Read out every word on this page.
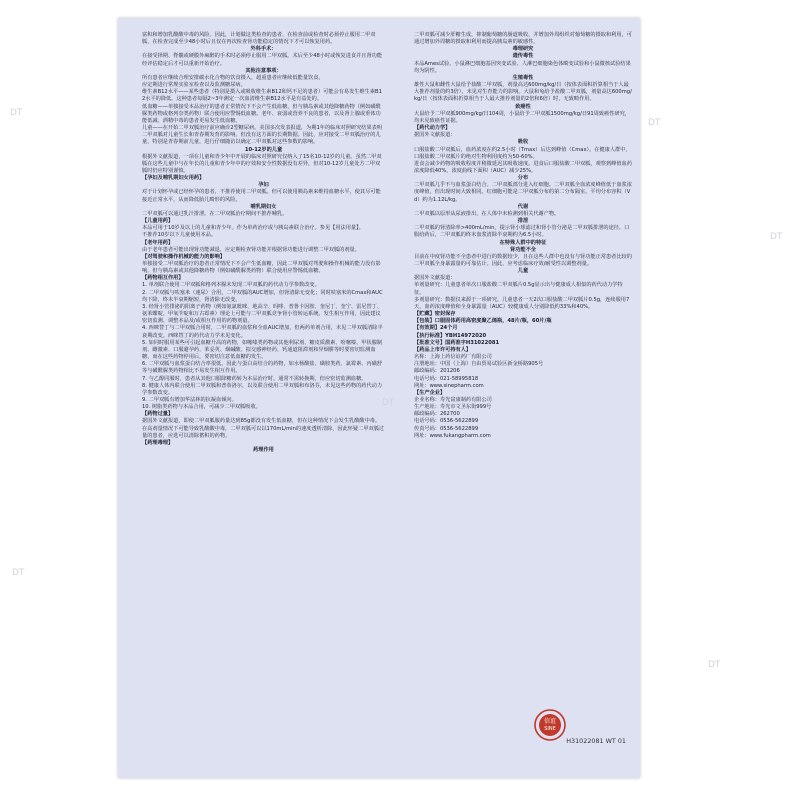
富积和增加乳酸酸中毒的风险。因此，计划做这类检查的患者，在检查前或检查时必须停止服用二甲双胍，在检查完成至少48小时后且仅在再次检查肾功能稳定的情况下才可以恢复用药。

外科手术：

在接受择期、脊髓或硬膜外麻醉的手术时必须停止服用二甲双胍。术后至少48小时或恢复进食并且肾功能经评估稳定后才可以重新开始治疗。

其他注意事项：

所有患者应继续合理安排碳水化合物的饮食摄入，超重患者应继续低能量饮食。

应定期进行常规实验室检查以及监测糖尿病。

维生素B12水平——某些患者（特别是摄入或吸收维生素B12和钙不足的患者）可能会有易发生维生素B12水平的降低。这种患者每隔2~3年测定一次血清维生素B12水平是有益处的。

低血糖——单独接受本品治疗的患者正常情况下不会产生低血糖，但与胰岛素或其他降糖药物（例如磺酰脲类药物或格列奈类药物）联合使用应警惕低血糖。老年、衰弱或营养不良的患者，以及肾上腺或垂体功能低减、酒精中毒的患者更易发生低血糖。

儿童——在开始二甲双胍治疗前应确诊2型糖尿病。美国多次发表报道，为期1年的临床对照研究结果表明二甲双胍对儿童生长和青春期发育的影响，但没有这方面的长期数据。因此，应对接受二甲双胍治疗的儿童，特别是青春期前儿童，进行仔细随访以确定二甲双胍对这些参数的影响。

10-12岁的儿童

根据外文献报道，一项在儿童和青少年中开展的临床对照研究仅纳入了15名10-12岁的儿童。虽然二甲双胍在这些儿童中与在年长的儿童和青少年中的疗效和安全性数据没有差异，但对10-12岁儿童处方二甲双胍时仍应特别谨慎。

【孕妇及哺乳期妇女用药】

孕妇

对于计划怀孕或已经怀孕的患者，不推荐使用二甲双胍。但可以使用胰岛素来维持血糖水平，使其尽可能接近正常水平，从而降低胎儿畸形的风险。

哺乳期妇女

二甲双胍可以通过乳汁排泄。在二甲双胍治疗期间不推荐哺乳。

【儿童用药】

本品可用于10岁及以上的儿童和青少年。作为单药治疗或与胰岛素联合治疗。参见【用法用量】。

不推荐10岁以下儿童使用本品。

【老年用药】

由于老年患者可能出现肾功能减退，应定期检查肾功能并根据肾功能进行调整二甲双胍的剂量。

【对驾驶和操作机械的能力的影响】

单独接受二甲双胍治疗的患者正常情况下不会产生低血糖，因此二甲双胍对驾驶和操作机械的能力没有影响。但与胰岛素或其他降糖药物（例如磺酰脲类药物）联合使用应警惕低血糖。

【药物相互作用】

1. 单剂联合使用二甲双胍和格列本脲未发现二甲双胍的药代动力学参数改变。

2. 二甲双胍与呋塞米（速尿）合用，二甲双胍的AUC增加，但肾清除无变化；同时呋塞米的Cmax和AUC均下降，终末半衰期缩短，肾清除无改变。

3. 经肾小管排泌的阳离子药物（例如氨氯吡咪、地高辛、吗啡、普鲁卡因胺、奎尼丁、奎宁、雷尼替丁、氨苯蝶啶、甲氧苄啶和万古霉素）理论上可能与二甲双胍竞争肾小管转运系统，发生相互作用，因此建议密切监测、调整本品及/或相互作用的药物剂量。

4. 西咪替丁与二甲双胍合用时，二甲双胍的血浆和全血AUC增加，但两药单剂合用，未见二甲双胍清除半衰期改变。西咪替丁的药代动力学未见变化。

5. 如同时服用某些可引起血糖升高的药物，如噻嗪类药物或其他利尿剂、糖皮质激素、吩噻嗪、甲状腺制剂、雌激素、口服避孕药、苯妥英、烟碱酸、拟交感神经药、钙通道阻滞剂和异烟肼等时要密切监测血糖，而在这些药物停用后，要密切注意低血糖的发生。

6. 二甲双胍与血浆蛋白结合率很低，因此与蛋白高结合的药物，如水杨酸盐、磺胺类药、氯霉素、丙磺舒等与磺酰脲类药物相比不易发生相互作用。

7. 与乙醇同服时，患者从其他口服降糖药转为本品治疗时，通常不需转换期，但应密切监测血糖。

8. 健康人体内联合使用二甲双胍和普萘洛尔，以及联合使用二甲双胍和布洛芬，未见这些药物的药代动力学参数改变。

9. 二甲双胍有增加华法林的抗凝血倾向。

10. 树脂类药物与本品合用，可减少二甲双胍吸收。

【药物过量】

据国外文献报道，即使二甲双胍服药量达到85g都没有发生低血糖，但在这种情况下会发生乳酸酸中毒。在高剂量情况下可能导致乳酸酸中毒，二甲双胍可以以170mL/min的速度透析清除，因此怀疑二甲双胍过量的患者，应选可以清除蓄积的药物。

【药理毒理】

药理作用

二甲双胍可减少肝糖生成，抑制葡萄糖的肠道吸收，并增加外周组织对葡萄糖的摄取和利用，可通过增加外周糖的摄取和利用而提高胰岛素的敏感性。

毒理研究

遗传毒性

本品Ames试验、小鼠淋巴细胞基因突变试验、人淋巴细胞染色体畸变试验和小鼠微核试验结果均为阴性。

生殖毒性

雄性大鼠和雌性大鼠给予盐酸二甲双胍，剂量高达600mg/kg/日（按体表面积折算相当于人最大推荐剂量的约3倍），未见对生育能力的影响。大鼠和兔给予盐酸二甲双胍，剂量高达600mg/kg/日（按体表面积折算相当于人最大推荐剂量的2倍和6倍）时，无致畸作用。

致癌性

大鼠给予二甲双胍900mg/kg/日104周，小鼠给予二甲双胍1500mg/kg/日91周致癌性研究，均未见致癌性证据。

【药代动力学】

据国外文献报道：

吸收

口服盐酸二甲双胍后，血药浓度在约2.5小时（Tmax）后达到峰值（Cmax）。在健康人群中，口服盐酸二甲双胍片的绝对生物利用度约为50-60%。

进食会减少药物的吸收程度并稍微延迟其吸收速度。进食后口服盐酸二甲双胍，观察到峰值血药浓度降低40%，浓度曲线下面积（AUC）减少25%。

分布

二甲双胍几乎不与血浆蛋白结合。二甲双胍部分进入红细胞。二甲双胍全血浓度峰值低于血浆浓度峰值，但出现时间大致相同。红细胞可能是二甲双胍分布的第二分布隔室。平均分布容积（Vd）约为1.12L/kg。

代谢

二甲双胍以原形从尿液排出，在人体中未检测到相关代谢产物。

排泄

二甲双胍的肾清除率>400mL/min，提示肾小球滤过和肾小管分泌是二甲双胍排泄的途径。口服给药后，二甲双胍的终末血浆清除半衰期约为6.5小时。

在特殊人群中的特征

肾功能不全

目前在中度肾功能不全患者中进行的数据较少，且在这些人群中也没有与肾功能正常患者比较的二甲双胍全身暴露量的可靠估计。因此，应考虑临床疗效/耐受性以调整剂量。

儿童

据国外文献报道：

单剂量研究：儿童患者单次口服盐酸二甲双胍片0.5g显示出与健康成人相似的药代动力学特征。

多剂量研究：数据仅来源于一项研究。儿童患者一天2次口服盐酸二甲双胍片0.5g，连续服用7天，血药浓度峰值和全身暴露量（AUC）较健康成人分别降低约33%和40%。

【贮藏】密封保存

【包装】口服固体药用高密度聚乙烯瓶，48片/瓶，60片/瓶

【有效期】24个月

【执行标准】YBH14972020

【批准文号】国药准字H31022081

【药品上市许可持有人】

名称：上海上药信谊药厂有限公司

注册地址：中国（上海）自由贸易试验区新金桥路905号

邮政编码：201206

电话号码：021-58995818

网址：www.sinepharm.com

【生产企业】

企业名称：寿光富康制药有限公司

生产地址：寿光市文圣东街999号

邮政编码：262700

电话号码：0536-5622899

传真号码：0536-5622899

网址：www.fukangpharm.com

信谊
SINE
H31022081 WT 01
DT
DT
DT
DT
DT
DT
